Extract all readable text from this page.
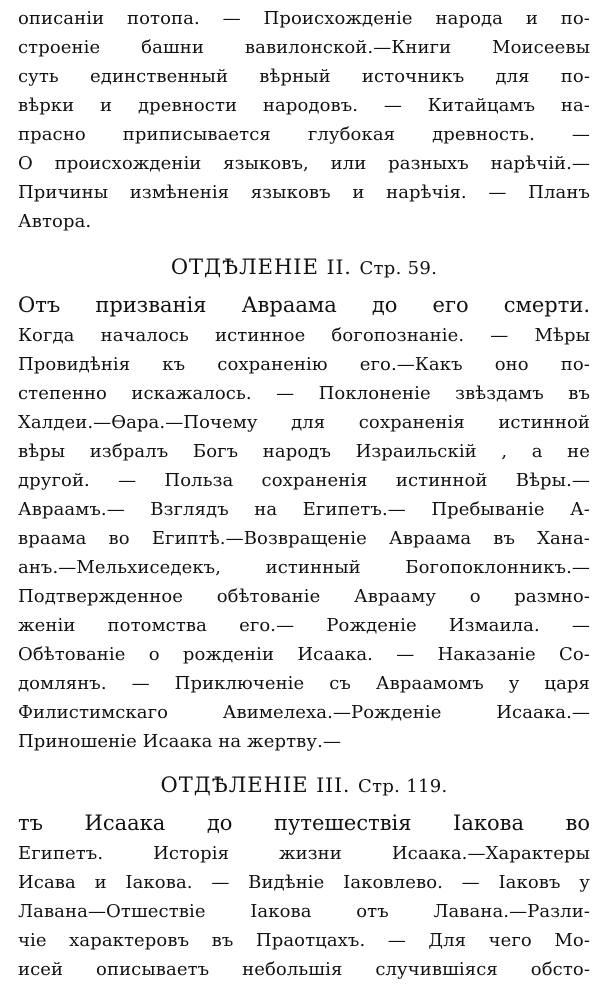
описанiи потопа. — Происхожденiе народа и по-
строенiе башни вавилонской.—Книги Моисеевы
суть единственный вѣрный источникъ для по-
вѣрки и древности народовъ. — Китайцамъ на-
прасно приписывается глубокая древность. —
О происхожденiи языковъ, или разныхъ нарѣчiй.—
Причины измѣненiя языковъ и нарѣчiя. — Планъ
Автора.
ОТДѢЛЕНIЕ II. Стр. 59.
Отъ призванiя Авраама до его смерти.
Когда началось истинное богопознанiе. — Мѣры
Провидѣнiя къ сохраненiю его.—Какъ оно по-
степенно искажалось. — Поклоненiе звѣздамъ въ
Халдеи.—Өара.—Почему для сохраненiя истинной
вѣры избралъ Богъ народъ Израильскiй , а не
другой. — Польза сохраненiя истинной Вѣры.—
Авраамъ.— Взглядъ на Египетъ.— Пребыванiе А-
враама во Египтѣ.—Возвращенiе Авраама въ Хана-
анъ.—Мельхиседекъ, истинный Богопоклонникъ.—
Подтвержденное обѣтованiе Аврааму о размно-
женiи потомства его.— Рожденiе Измаила. —
Обѣтованiе о рожденiи Исаака. — Наказанiе Со-
домлянъ. — Приключенiе съ Авраамомъ у царя
Филистимскаго Авимелеха.—Рожденiе Исаака.—
Приношенiе Исаака на жертву.—
ОТДѢЛЕНIЕ III. Стр. 119.
тъ Исаака до путешествiя Iакова во
Египетъ. Исторiя жизни Исаака.—Характеры
Исава и Iакова. — Видѣнiе Iаковлево. — Iаковъ у
Лавана—Отшествiе Iакова отъ Лавана.—Разли-
чiе характеровъ въ Праотцахъ. — Для чего Мо-
исей описываетъ небольшiя случившiяся обсто-
